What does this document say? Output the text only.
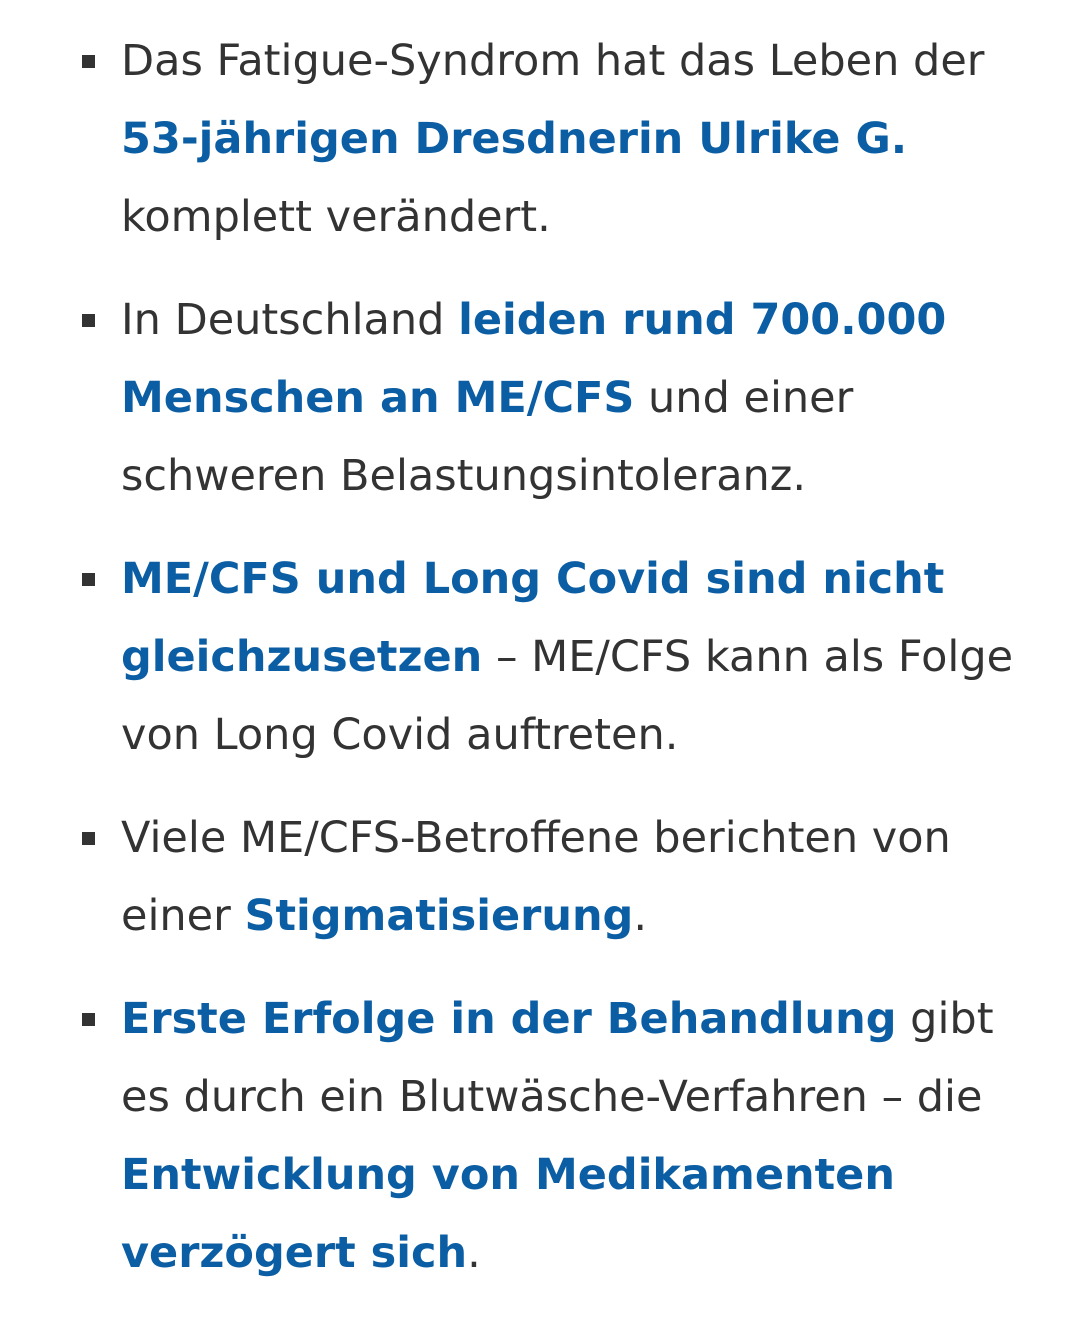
Das Fatigue-Syndrom hat das Leben der 53-jährigen Dresdnerin Ulrike G. komplett verändert.
In Deutschland leiden rund 700.000 Menschen an ME/CFS und einer schweren Belastungsintoleranz.
ME/CFS und Long Covid sind nicht gleichzusetzen – ME/CFS kann als Folge von Long Covid auftreten.
Viele ME/CFS-Betroffene berichten von einer Stigmatisierung.
Erste Erfolge in der Behandlung gibt es durch ein Blutwäsche-Verfahren – die Entwicklung von Medikamenten verzögert sich.
